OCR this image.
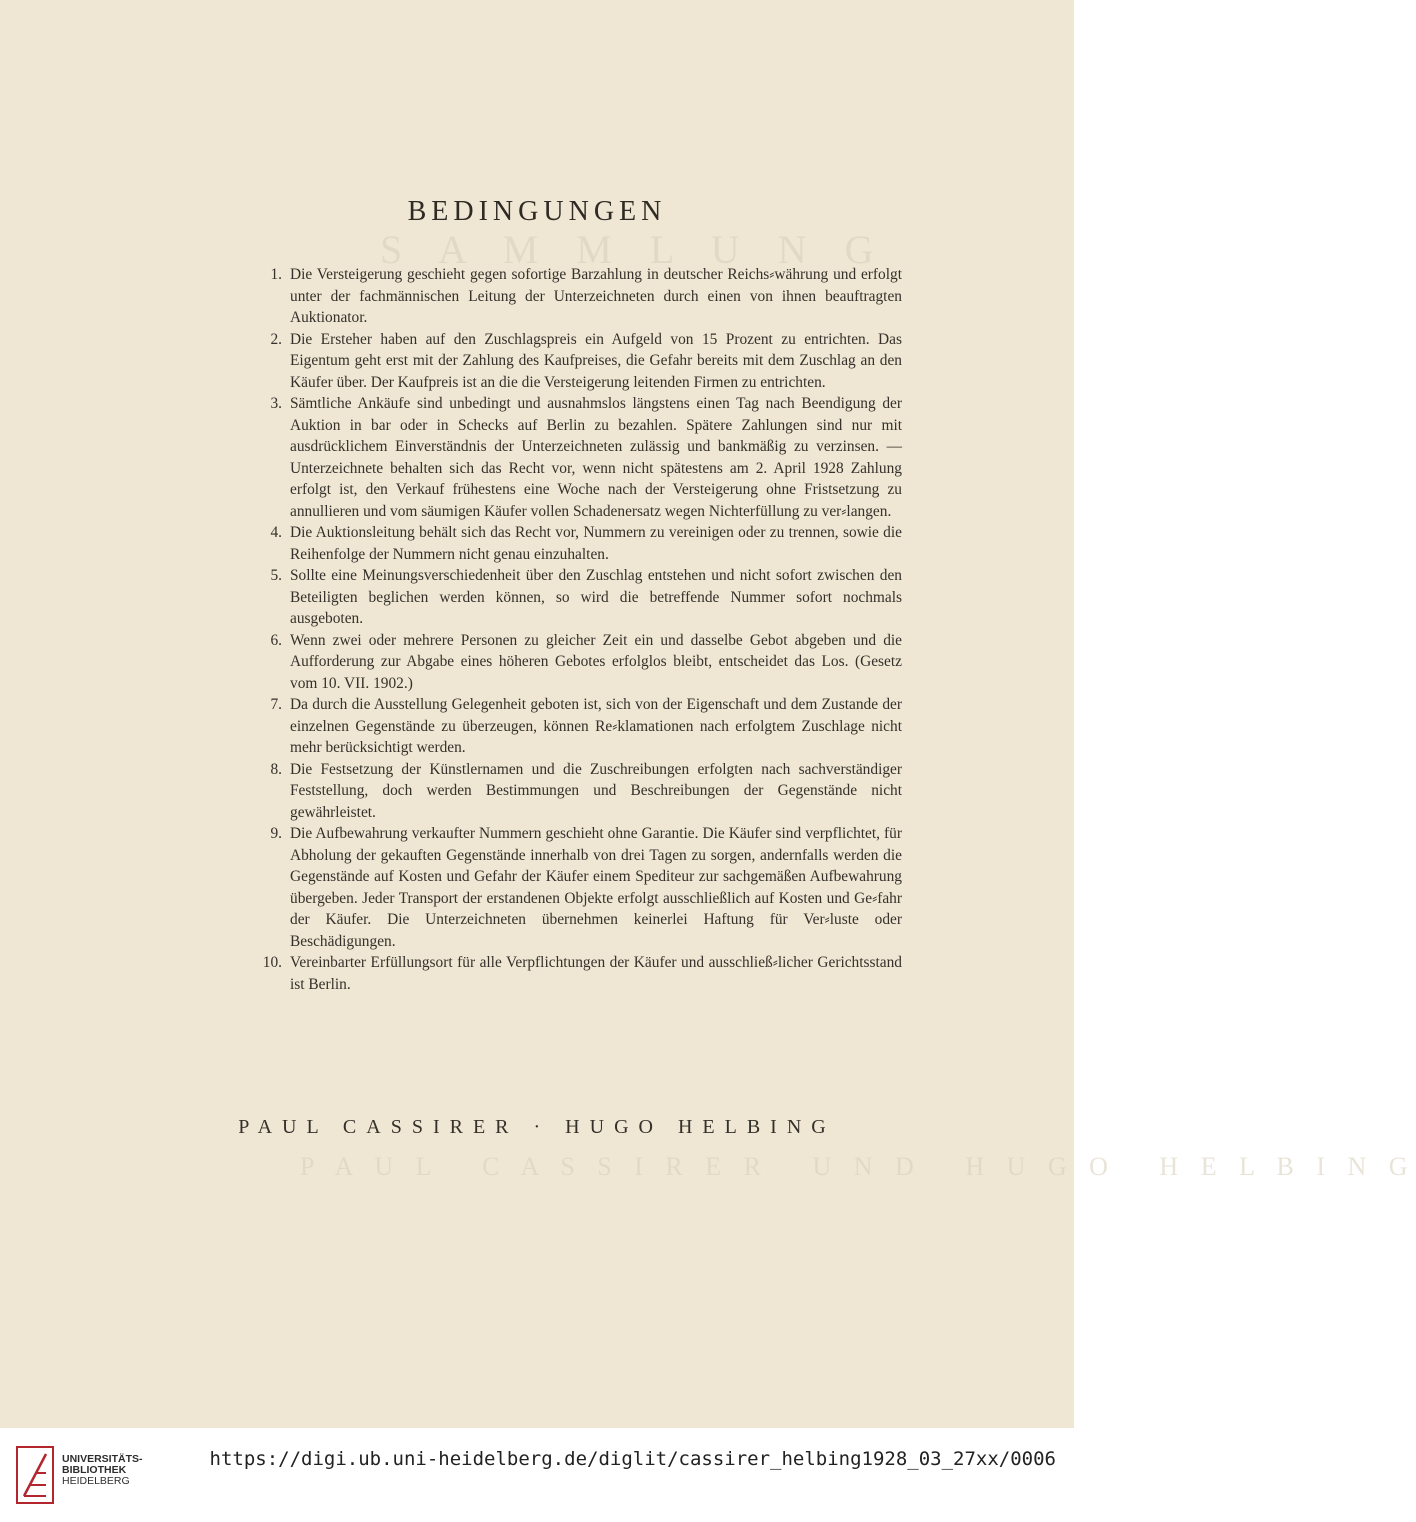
S A M M L U N G
P A U L   C A S S I R E R   U N D   H U G O   H E L B I N G
BEDINGUNGEN
1. Die Versteigerung geschieht gegen sofortige Barzahlung in deutscher Reichs⸗währung und erfolgt unter der fachmännischen Leitung der Unterzeichneten durch einen von ihnen beauftragten Auktionator.
2. Die Ersteher haben auf den Zuschlagspreis ein Aufgeld von 15 Prozent zu entrichten. Das Eigentum geht erst mit der Zahlung des Kaufpreises, die Gefahr bereits mit dem Zuschlag an den Käufer über. Der Kaufpreis ist an die die Versteigerung leitenden Firmen zu entrichten.
3. Sämtliche Ankäufe sind unbedingt und ausnahmslos längstens einen Tag nach Beendigung der Auktion in bar oder in Schecks auf Berlin zu bezahlen. Spätere Zahlungen sind nur mit ausdrücklichem Einverständnis der Unterzeichneten zulässig und bankmäßig zu verzinsen. — Unterzeichnete behalten sich das Recht vor, wenn nicht spätestens am 2. April 1928 Zahlung erfolgt ist, den Verkauf frühestens eine Woche nach der Versteigerung ohne Fristsetzung zu annullieren und vom säumigen Käufer vollen Schadenersatz wegen Nichterfüllung zu ver⸗langen.
4. Die Auktionsleitung behält sich das Recht vor, Nummern zu vereinigen oder zu trennen, sowie die Reihenfolge der Nummern nicht genau einzuhalten.
5. Sollte eine Meinungsverschiedenheit über den Zuschlag entstehen und nicht sofort zwischen den Beteiligten beglichen werden können, so wird die betreffende Nummer sofort nochmals ausgeboten.
6. Wenn zwei oder mehrere Personen zu gleicher Zeit ein und dasselbe Gebot abgeben und die Aufforderung zur Abgabe eines höheren Gebotes erfolglos bleibt, entscheidet das Los. (Gesetz vom 10. VII. 1902.)
7. Da durch die Ausstellung Gelegenheit geboten ist, sich von der Eigenschaft und dem Zustande der einzelnen Gegenstände zu überzeugen, können Re⸗klamationen nach erfolgtem Zuschlage nicht mehr berücksichtigt werden.
8. Die Festsetzung der Künstlernamen und die Zuschreibungen erfolgten nach sachverständiger Feststellung, doch werden Bestimmungen und Beschreibungen der Gegenstände nicht gewährleistet.
9. Die Aufbewahrung verkaufter Nummern geschieht ohne Garantie. Die Käufer sind verpflichtet, für Abholung der gekauften Gegenstände innerhalb von drei Tagen zu sorgen, andernfalls werden die Gegenstände auf Kosten und Gefahr der Käufer einem Spediteur zur sachgemäßen Aufbewahrung übergeben. Jeder Transport der erstandenen Objekte erfolgt ausschließlich auf Kosten und Ge⸗fahr der Käufer. Die Unterzeichneten übernehmen keinerlei Haftung für Ver⸗luste oder Beschädigungen.
10. Vereinbarter Erfüllungsort für alle Verpflichtungen der Käufer und ausschließ⸗licher Gerichtsstand ist Berlin.
PAUL CASSIRER · HUGO HELBING
UNIVERSITÄTS-
BIBLIOTHEK
HEIDELBERG
https://digi.ub.uni-heidelberg.de/diglit/cassirer_helbing1928_03_27xx/0006
